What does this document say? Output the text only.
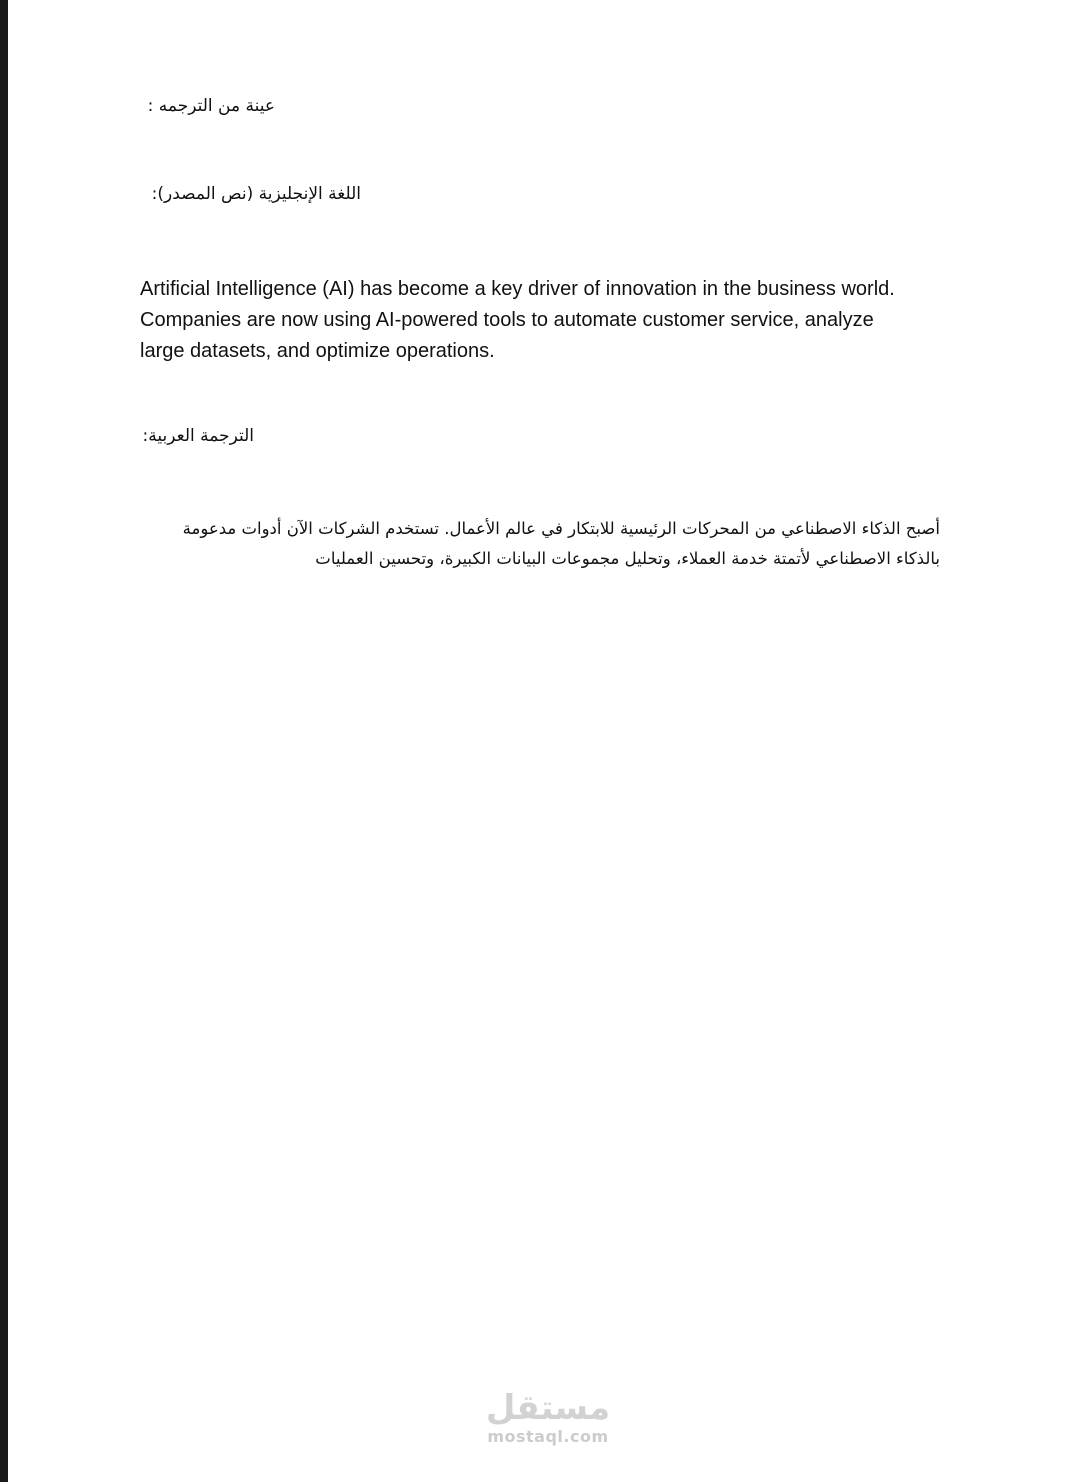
عينة من الترجمه :
اللغة الإنجليزية (نص المصدر):
Artificial Intelligence (AI) has become a key driver of innovation in the business world.
Companies are now using AI-powered tools to automate customer service, analyze
large datasets, and optimize operations.
الترجمة العربية:
أصبح الذكاء الاصطناعي من المحركات الرئيسية للابتكار في عالم الأعمال. تستخدم الشركات الآن أدوات مدعومة
بالذكاء الاصطناعي لأتمتة خدمة العملاء، وتحليل مجموعات البيانات الكبيرة، وتحسين العمليات
مستقل
mostaql.com
